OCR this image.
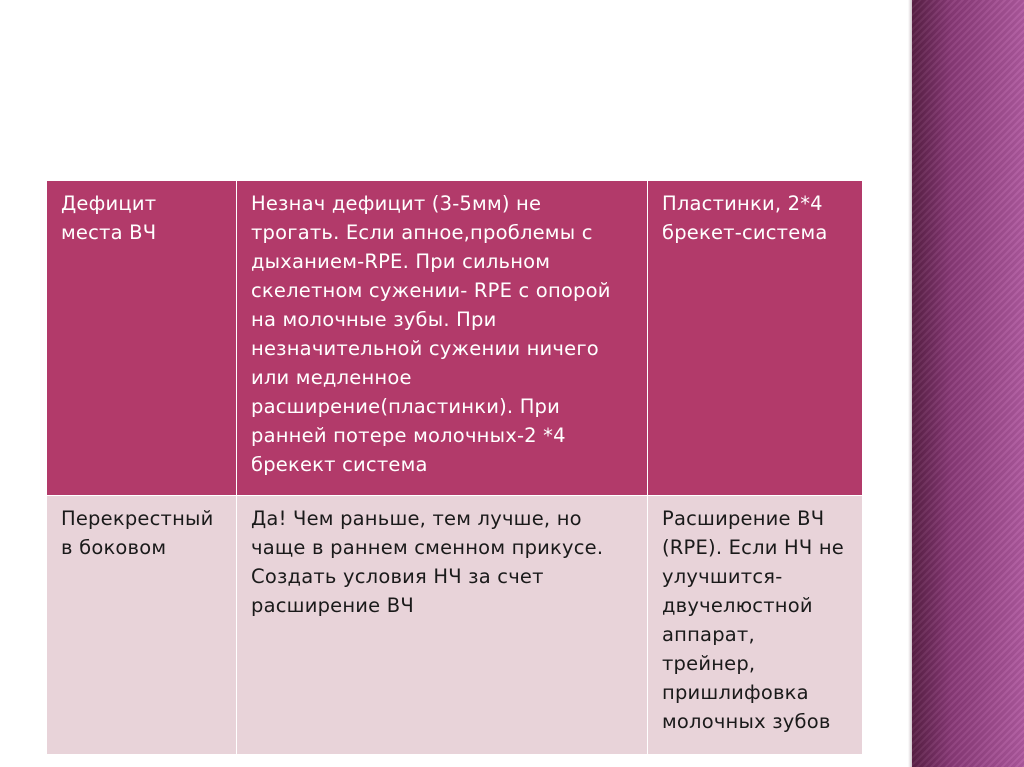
Дефицит места ВЧ	Незнач дефицит (3-5мм) не трогать. Если апное,проблемы с дыханием-RPE. При сильном скелетном сужении- RPE с опорой на молочные зубы. При незначительной сужении ничего или медленное расширение(пластинки). При ранней потере молочных-2 *4 брекект система	Пластинки, 2*4 брекет-система
Перекрестный в боковом	Да! Чем раньше, тем лучше, но чаще в раннем сменном прикусе. Создать условия НЧ за счет расширение ВЧ	Расширение ВЧ (RPE). Если НЧ не улучшится-двучелюстной аппарат, трейнер, пришлифовка молочных зубов
